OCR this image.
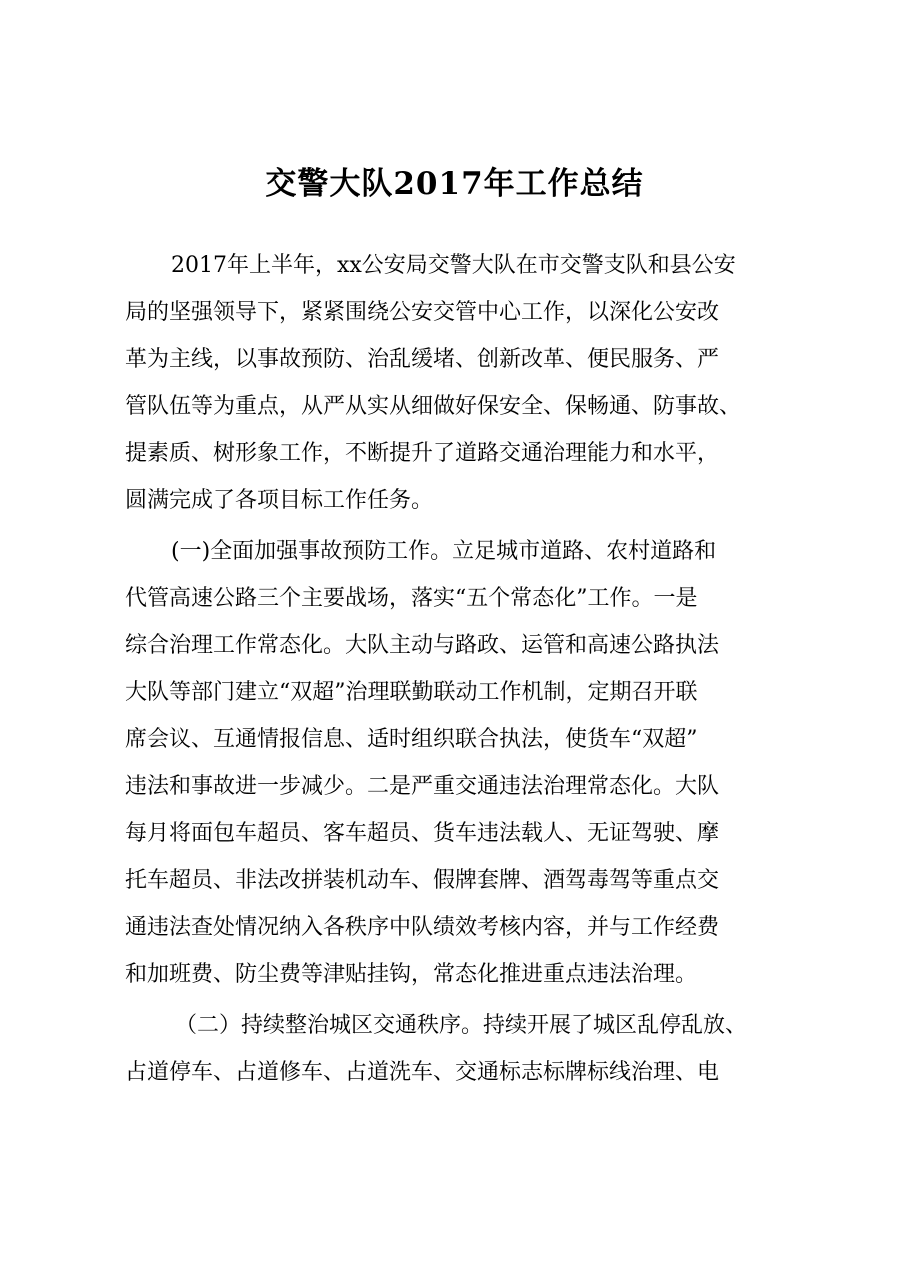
交警大队2017年工作总结
2017年上半年，xx公安局交警大队在市交警支队和县公安
局的坚强领导下，紧紧围绕公安交管中心工作，以深化公安改
革为主线，以事故预防、治乱缓堵、创新改革、便民服务、严
管队伍等为重点，从严从实从细做好保安全、保畅通、防事故、
提素质、树形象工作，不断提升了道路交通治理能力和水平，
圆满完成了各项目标工作任务。
(一)全面加强事故预防工作。立足城市道路、农村道路和
代管高速公路三个主要战场，落实“五个常态化”工作。一是
综合治理工作常态化。大队主动与路政、运管和高速公路执法
大队等部门建立“双超”治理联勤联动工作机制，定期召开联
席会议、互通情报信息、适时组织联合执法，使货车“双超”
违法和事故进一步减少。二是严重交通违法治理常态化。大队
每月将面包车超员、客车超员、货车违法载人、无证驾驶、摩
托车超员、非法改拼装机动车、假牌套牌、酒驾毒驾等重点交
通违法查处情况纳入各秩序中队绩效考核内容，并与工作经费
和加班费、防尘费等津贴挂钩，常态化推进重点违法治理。
（二）持续整治城区交通秩序。持续开展了城区乱停乱放、
占道停车、占道修车、占道洗车、交通标志标牌标线治理、电
